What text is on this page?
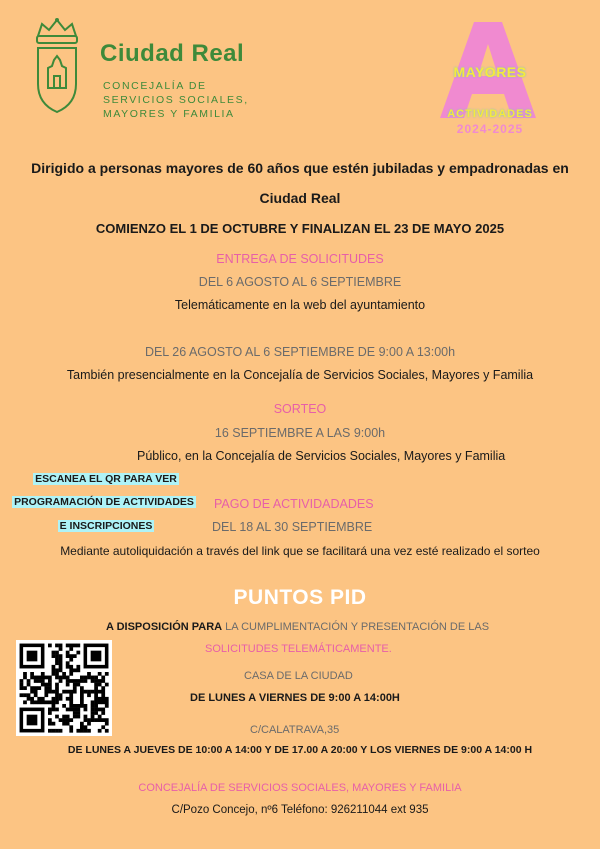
Ciudad Real
CONCEJALÍA DE
SERVICIOS SOCIALES,
MAYORES Y FAMILIA
MAYORES
ACTIVIDADES
2024-2025
Dirigido a personas mayores de 60 años que estén jubiladas y empadronadas en
Ciudad Real
COMIENZO EL 1 DE OCTUBRE Y FINALIZAN EL 23 DE MAYO 2025
ENTREGA DE SOLICITUDES
DEL 6 AGOSTO AL 6 SEPTIEMBRE
Telemáticamente en la web del ayuntamiento
DEL 26 AGOSTO AL 6 SEPTIEMBRE DE 9:00 A 13:00h
También presencialmente en la Concejalía de Servicios Sociales, Mayores y Familia
SORTEO
16 SEPTIEMBRE A LAS 9:00h
Público, en la Concejalía de Servicios Sociales, Mayores y Familia
ESCANEA EL QR PARA VER
PROGRAMACIÓN DE ACTIVIDADES
E INSCRIPCIONES
PAGO DE ACTIVIDADADES
DEL 18 AL 30 SEPTIEMBRE
Mediante autoliquidación a través del link que se facilitará una vez esté realizado el sorteo
PUNTOS PID
A DISPOSICIÓN PARA LA CUMPLIMENTACIÓN Y PRESENTACIÓN DE LAS
SOLICITUDES TELEMÁTICAMENTE.
CASA DE LA CIUDAD
DE LUNES A VIERNES DE 9:00 A 14:00H
C/CALATRAVA,35
DE LUNES A JUEVES DE 10:00 A 14:00 Y DE 17.00 A 20:00 Y LOS VIERNES DE 9:00 A 14:00 H
CONCEJALÍA DE SERVICIOS SOCIALES, MAYORES Y FAMILIA
C/Pozo Concejo, nº6 Teléfono: 926211044 ext 935
